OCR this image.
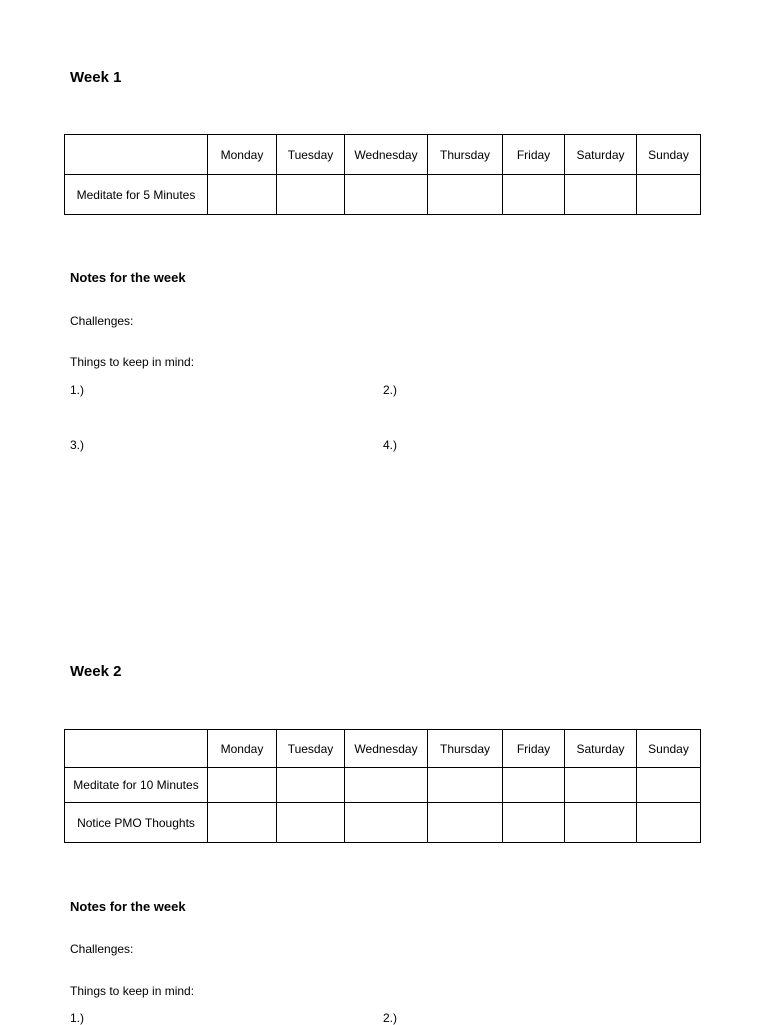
Week 1
	Monday	Tuesday	Wednesday	Thursday	Friday	Saturday	Sunday
Meditate for 5 Minutes							
Notes for the week
Challenges:
Things to keep in mind:
1.)	2.)
3.)	4.)
Week 2
	Monday	Tuesday	Wednesday	Thursday	Friday	Saturday	Sunday
Meditate for 10 Minutes							
Notice PMO Thoughts							
Notes for the week
Challenges:
Things to keep in mind:
1.)	2.)
